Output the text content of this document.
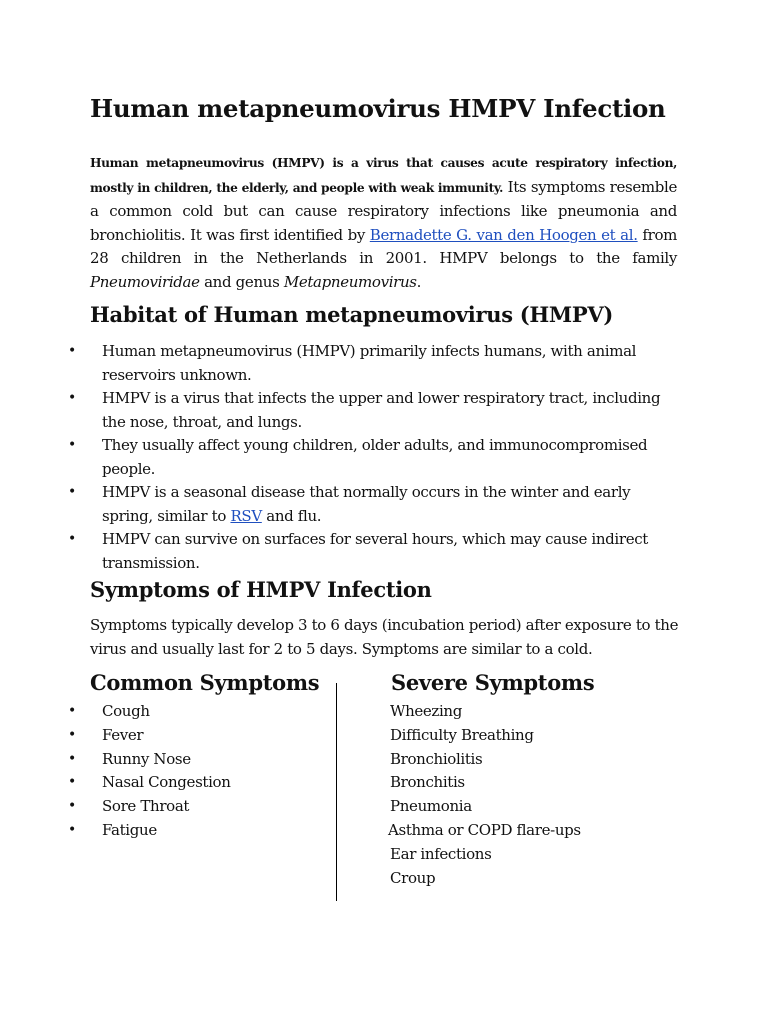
Human metapneumovirus HMPV Infection
Human metapneumovirus (HMPV) is a virus that causes acute respiratory infection, mostly in children, the elderly, and people with weak immunity. Its symptoms resemble a common cold but can cause respiratory infections like pneumonia and bronchiolitis. It was first identified by Bernadette G. van den Hoogen et al. from 28 children in the Netherlands in 2001. HMPV belongs to the family Pneumoviridae and genus Metapneumovirus.
Habitat of Human metapneumovirus (HMPV)
• Human metapneumovirus (HMPV) primarily infects humans, with animal reservoirs unknown.
• HMPV is a virus that infects the upper and lower respiratory tract, including the nose, throat, and lungs.
• They usually affect young children, older adults, and immunocompromised people.
• HMPV is a seasonal disease that normally occurs in the winter and early spring, similar to RSV and flu.
• HMPV can survive on surfaces for several hours, which may cause indirect transmission.
Symptoms of HMPV Infection
Symptoms typically develop 3 to 6 days (incubation period) after exposure to the virus and usually last for 2 to 5 days. Symptoms are similar to a cold.
Common Symptoms	Severe Symptoms
• Cough
• Fever
• Runny Nose
• Nasal Congestion
• Sore Throat
• Fatigue
Wheezing
Difficulty Breathing
Bronchiolitis
Bronchitis
Pneumonia
Asthma or COPD flare-ups
Ear infections
Croup
